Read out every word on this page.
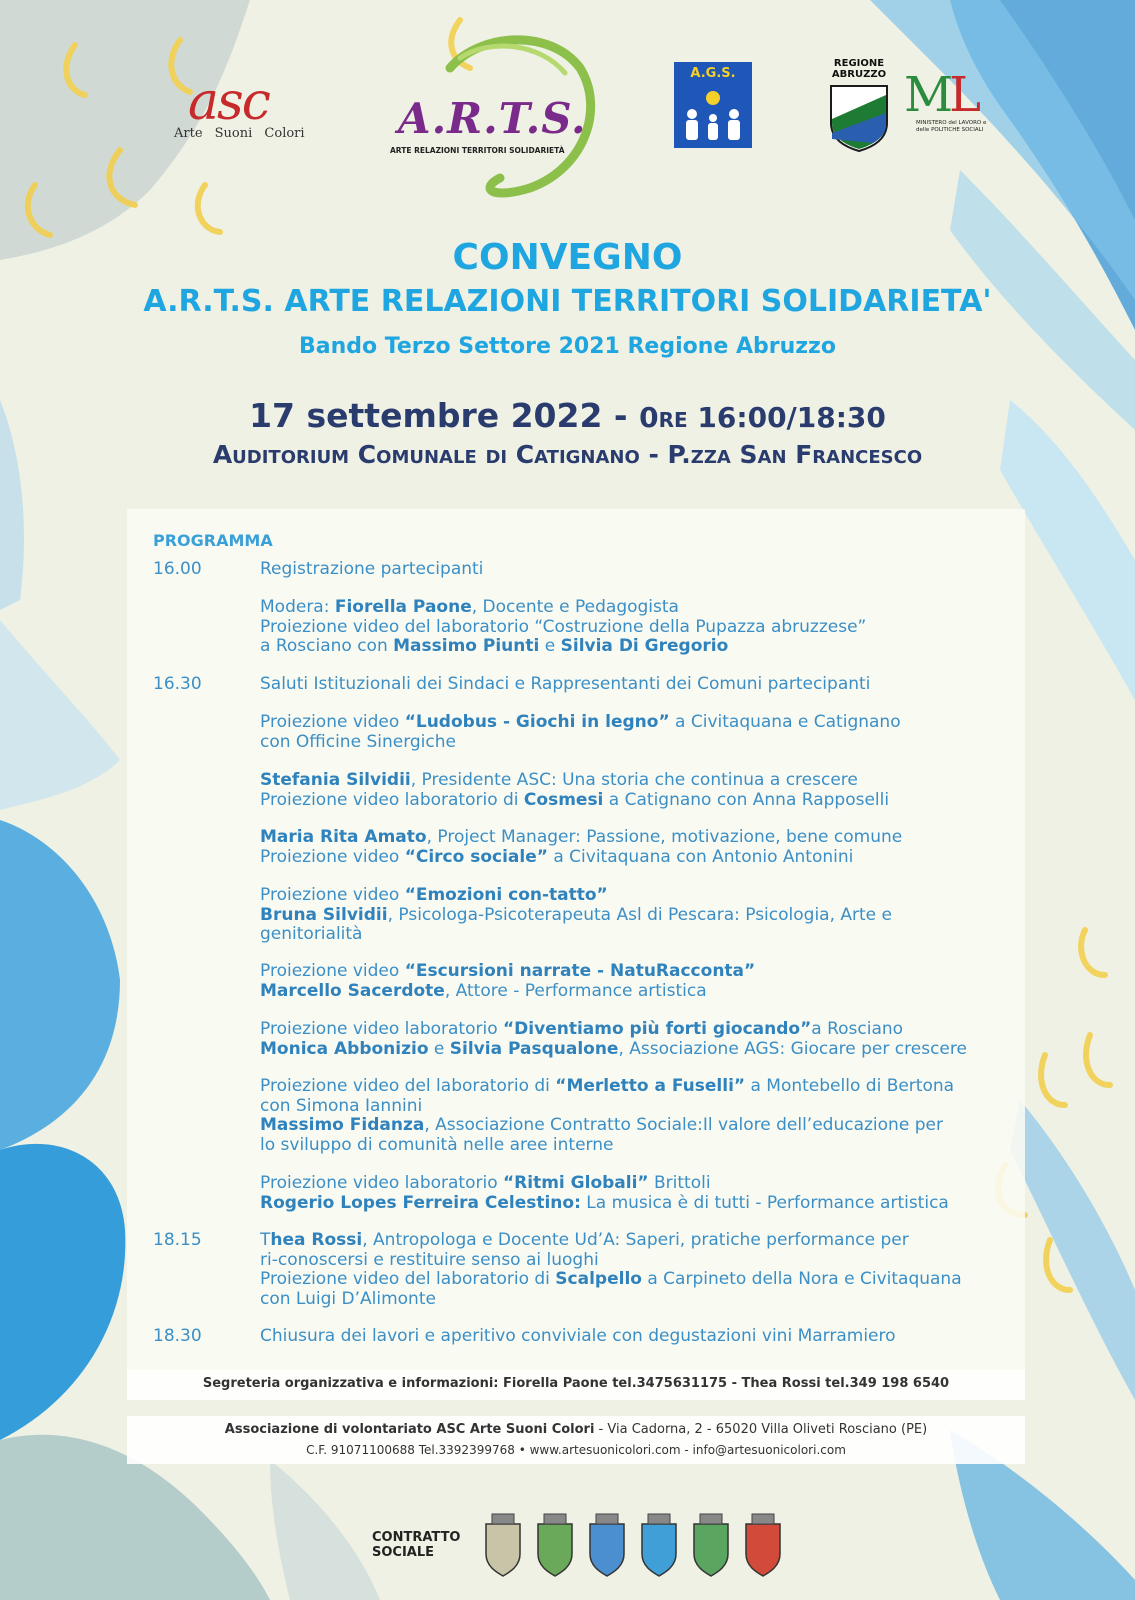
asc
Arte Suoni Colori	A.R.T.S.
ARTE RELAZIONI TERRITORI SOLIDARIETÀ
A.G.S.
REGIONE ABRUZZO ML
MINISTERO del LAVORO e delle POLITICHE SOCIALI
CONVEGNO
A.R.T.S. ARTE RELAZIONI TERRITORI SOLIDARIETA'
Bando Terzo Settore 2021 Regione Abruzzo
17 settembre 2022 - 0re 16:00/18:30
Auditorium Comunale di Catignano - P.zza San Francesco
PROGRAMMA
16.00	Registrazione partecipanti
Modera: Fiorella Paone, Docente e Pedagogista
Proiezione video del laboratorio “Costruzione della Pupazza abruzzese”
a Rosciano con Massimo Piunti e Silvia Di Gregorio
16.30	Saluti Istituzionali dei Sindaci e Rappresentanti dei Comuni partecipanti
Proiezione video “Ludobus - Giochi in legno” a Civitaquana e Catignano
con Officine Sinergiche
Stefania Silvidii, Presidente ASC: Una storia che continua a crescere
Proiezione video laboratorio di Cosmesi a Catignano con Anna Rapposelli
Maria Rita Amato, Project Manager: Passione, motivazione, bene comune
Proiezione video “Circo sociale” a Civitaquana con Antonio Antonini
Proiezione video “Emozioni con-tatto”
Bruna Silvidii, Psicologa-Psicoterapeuta Asl di Pescara: Psicologia, Arte e
genitorialità
Proiezione video “Escursioni narrate - NatuRacconta”
Marcello Sacerdote, Attore - Performance artistica
Proiezione video laboratorio “Diventiamo più forti giocando”a Rosciano
Monica Abbonizio e Silvia Pasqualone, Associazione AGS: Giocare per crescere
Proiezione video del laboratorio di “Merletto a Fuselli” a Montebello di Bertona
con Simona Iannini
Massimo Fidanza, Associazione Contratto Sociale:Il valore dell’educazione per
lo sviluppo di comunità nelle aree interne
Proiezione video laboratorio “Ritmi Globali” Brittoli
Rogerio Lopes Ferreira Celestino: La musica è di tutti - Performance artistica
18.15	Thea Rossi, Antropologa e Docente Ud’A: Saperi, pratiche performance per
ri-conoscersi e restituire senso ai luoghi
Proiezione video del laboratorio di Scalpello a Carpineto della Nora e Civitaquana
con Luigi D’Alimonte
18.30	Chiusura dei lavori e aperitivo conviviale con degustazioni vini Marramiero
Segreteria organizzativa e informazioni: Fiorella Paone tel.3475631175 - Thea Rossi tel.349 198 6540
Associazione di volontariato ASC Arte Suoni Colori - Via Cadorna, 2 - 65020 Villa Oliveti Rosciano (PE)
C.F. 91071100688 Tel.3392399768 • www.artesuonicolori.com - info@artesuonicolori.com
CONTRATTO SOCIALE
